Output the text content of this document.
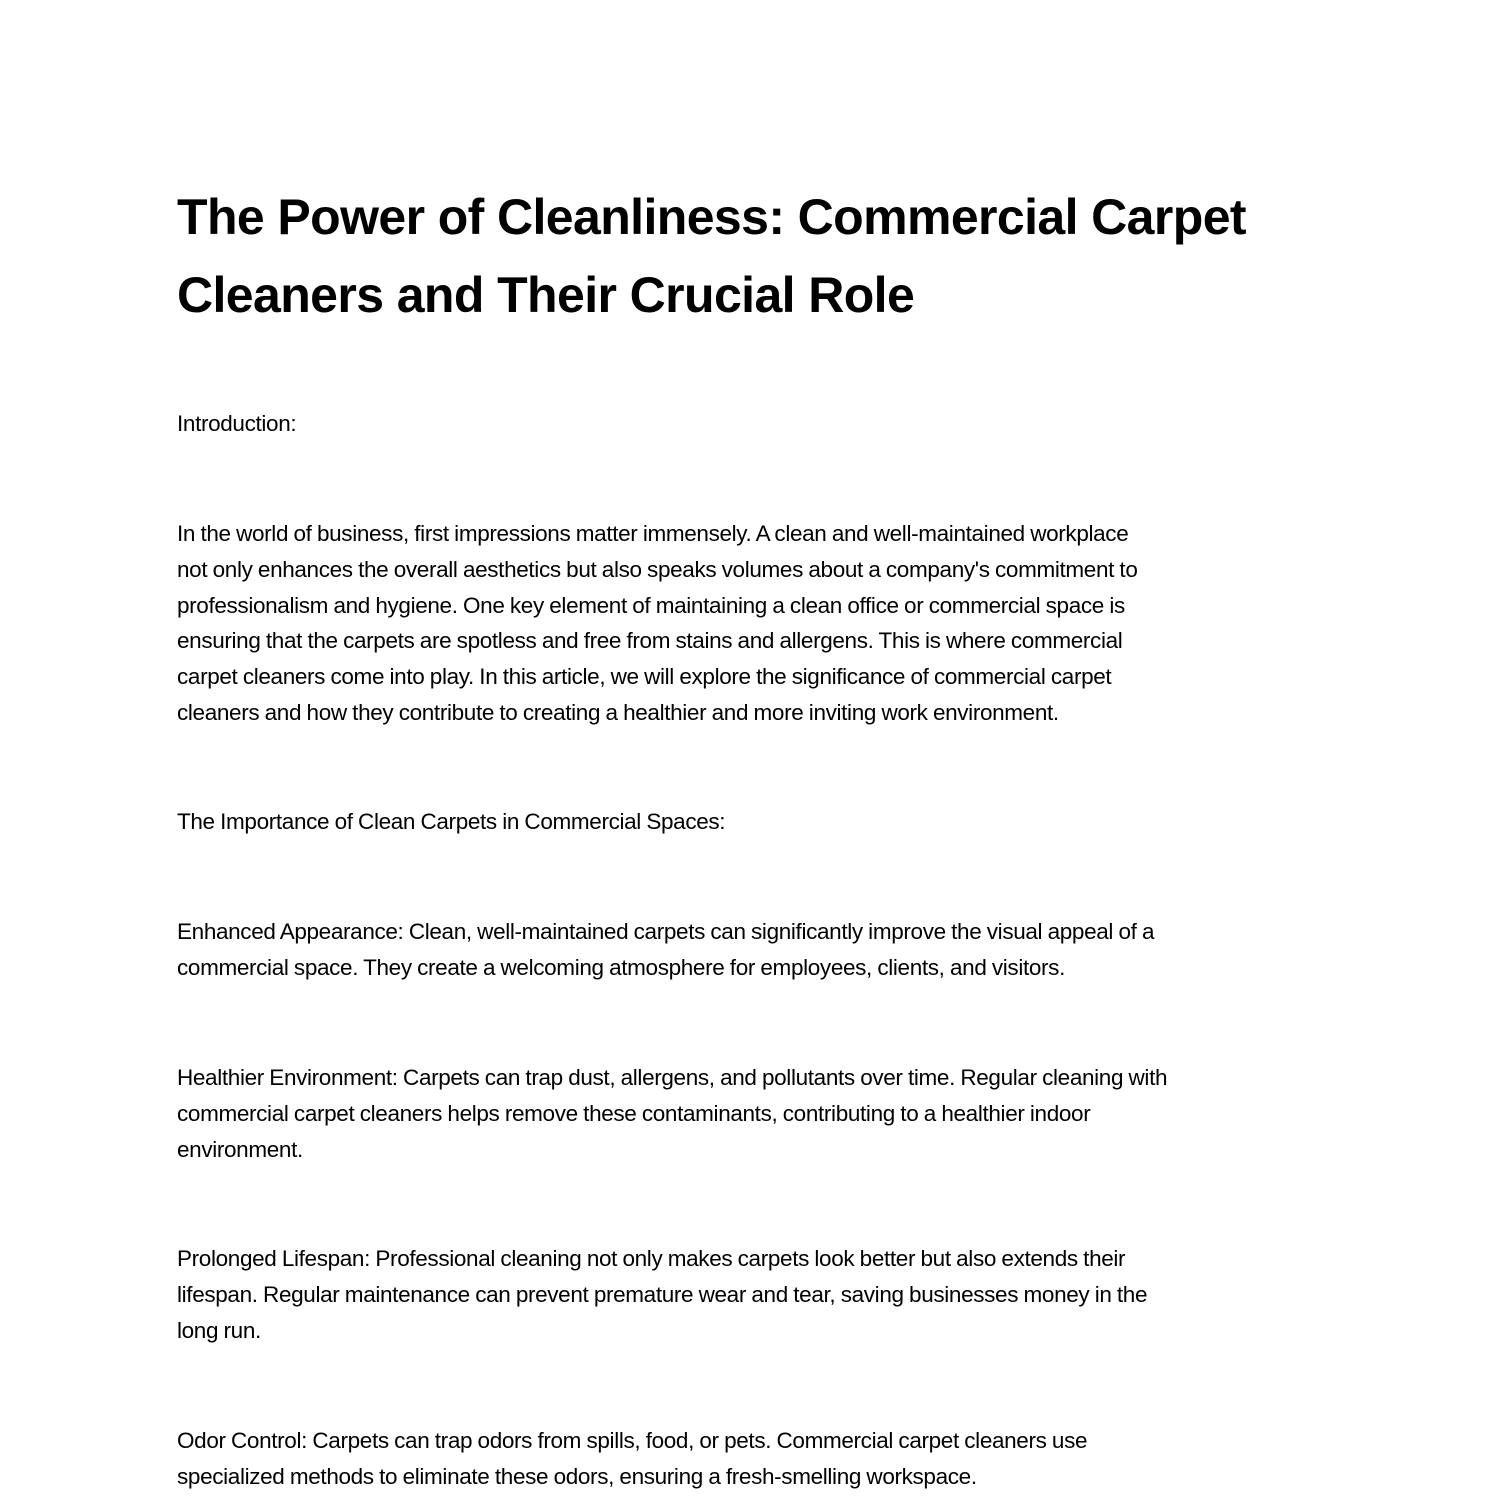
The Power of Cleanliness: Commercial Carpet
Cleaners and Their Crucial Role

Introduction:

In the world of business, first impressions matter immensely. A clean and well-maintained workplace
not only enhances the overall aesthetics but also speaks volumes about a company's commitment to
professionalism and hygiene. One key element of maintaining a clean office or commercial space is
ensuring that the carpets are spotless and free from stains and allergens. This is where commercial
carpet cleaners come into play. In this article, we will explore the significance of commercial carpet
cleaners and how they contribute to creating a healthier and more inviting work environment.

The Importance of Clean Carpets in Commercial Spaces:

Enhanced Appearance: Clean, well-maintained carpets can significantly improve the visual appeal of a
commercial space. They create a welcoming atmosphere for employees, clients, and visitors.

Healthier Environment: Carpets can trap dust, allergens, and pollutants over time. Regular cleaning with
commercial carpet cleaners helps remove these contaminants, contributing to a healthier indoor
environment.

Prolonged Lifespan: Professional cleaning not only makes carpets look better but also extends their
lifespan. Regular maintenance can prevent premature wear and tear, saving businesses money in the
long run.

Odor Control: Carpets can trap odors from spills, food, or pets. Commercial carpet cleaners use
specialized methods to eliminate these odors, ensuring a fresh-smelling workspace.
